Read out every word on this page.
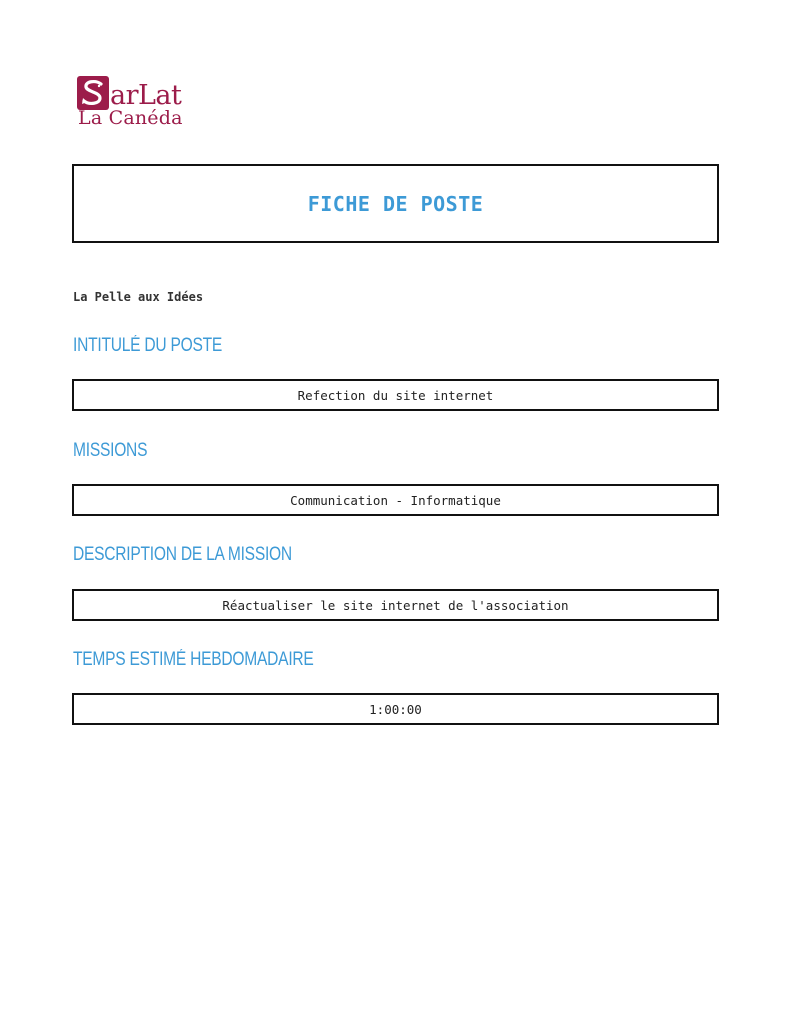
arLat
La Canéda
FICHE DE POSTE
La Pelle aux Idées
INTITULÉ DU POSTE
Refection du site internet
MISSIONS
Communication - Informatique
DESCRIPTION DE LA MISSION
Réactualiser le site internet de l'association
TEMPS ESTIMÉ HEBDOMADAIRE
1:00:00
